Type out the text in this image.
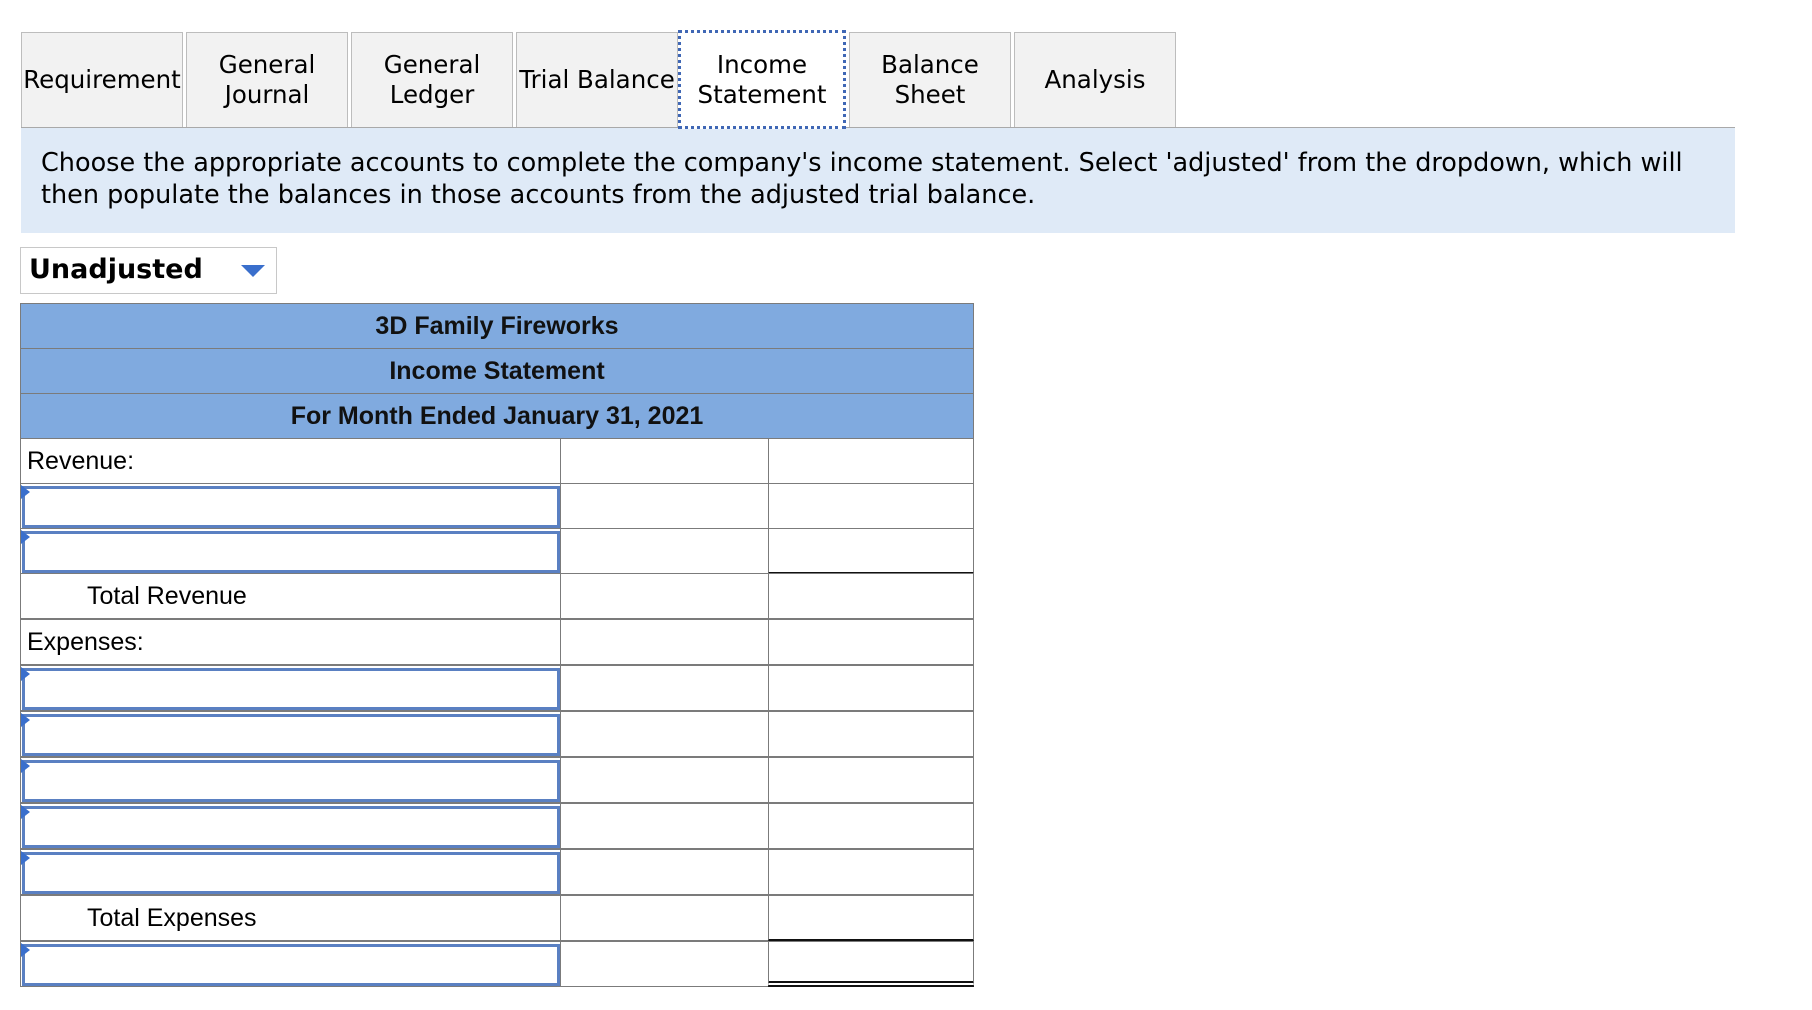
Requirement
General
Journal
General
Ledger
Trial Balance
Income
Statement
Balance Sheet
Analysis
Choose the appropriate accounts to complete the company's income statement. Select 'adjusted' from the dropdown, which will then populate the balances in those accounts from the adjusted trial balance.
Unadjusted
3D Family Fireworks
Income Statement
For Month Ended January 31, 2021
Revenue:
Total Revenue
Expenses:
Total Expenses
